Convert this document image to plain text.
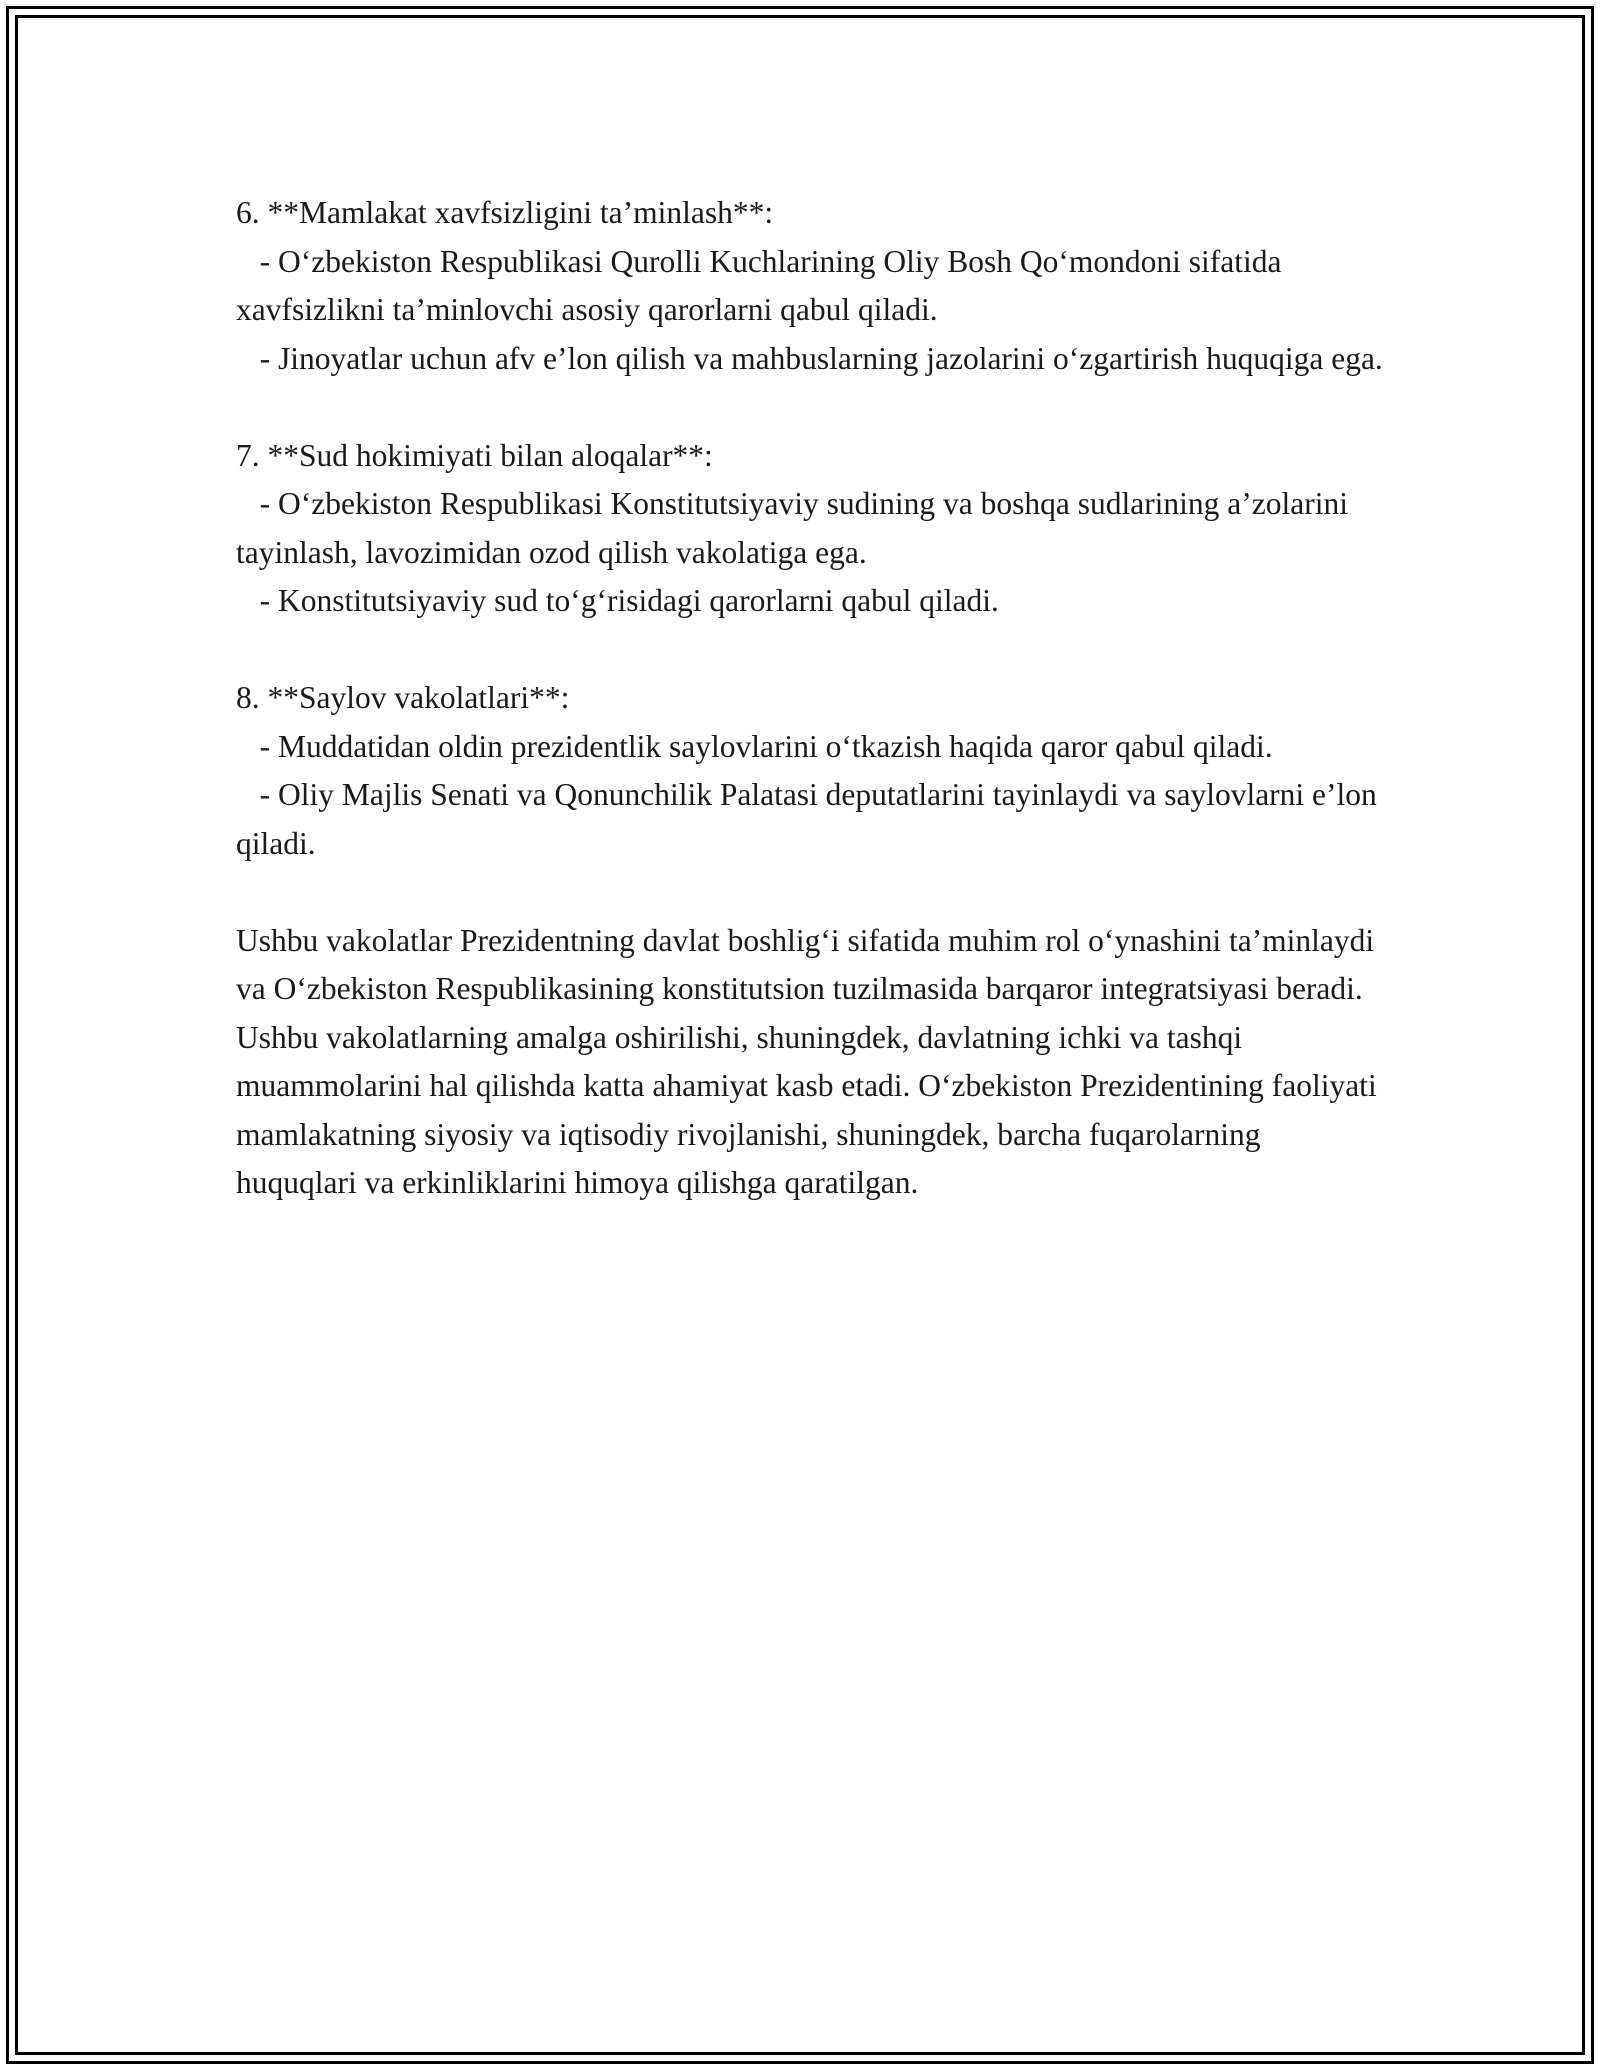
6. **Mamlakat xavfsizligini ta’minlash**:

- O‘zbekiston Respublikasi Qurolli Kuchlarining Oliy Bosh Qo‘mondoni sifatida xavfsizlikni ta’minlovchi asosiy qarorlarni qabul qiladi.

- Jinoyatlar uchun afv e’lon qilish va mahbuslarning jazolarini o‘zgartirish huquqiga ega.

7. **Sud hokimiyati bilan aloqalar**:

- O‘zbekiston Respublikasi Konstitutsiyaviy sudining va boshqa sudlarining a’zolarini tayinlash, lavozimidan ozod qilish vakolatiga ega.

- Konstitutsiyaviy sud to‘g‘risidagi qarorlarni qabul qiladi.

8. **Saylov vakolatlari**:

- Muddatidan oldin prezidentlik saylovlarini o‘tkazish haqida qaror qabul qiladi.

- Oliy Majlis Senati va Qonunchilik Palatasi deputatlarini tayinlaydi va saylovlarni e’lon qiladi.

Ushbu vakolatlar Prezidentning davlat boshlig‘i sifatida muhim rol o‘ynashini ta’minlaydi va O‘zbekiston Respublikasining konstitutsion tuzilmasida barqaror integratsiyasi beradi. Ushbu vakolatlarning amalga oshirilishi, shuningdek, davlatning ichki va tashqi muammolarini hal qilishda katta ahamiyat kasb etadi. O‘zbekiston Prezidentining faoliyati mamlakatning siyosiy va iqtisodiy rivojlanishi, shuningdek, barcha fuqarolarning huquqlari va erkinliklarini himoya qilishga qaratilgan.
